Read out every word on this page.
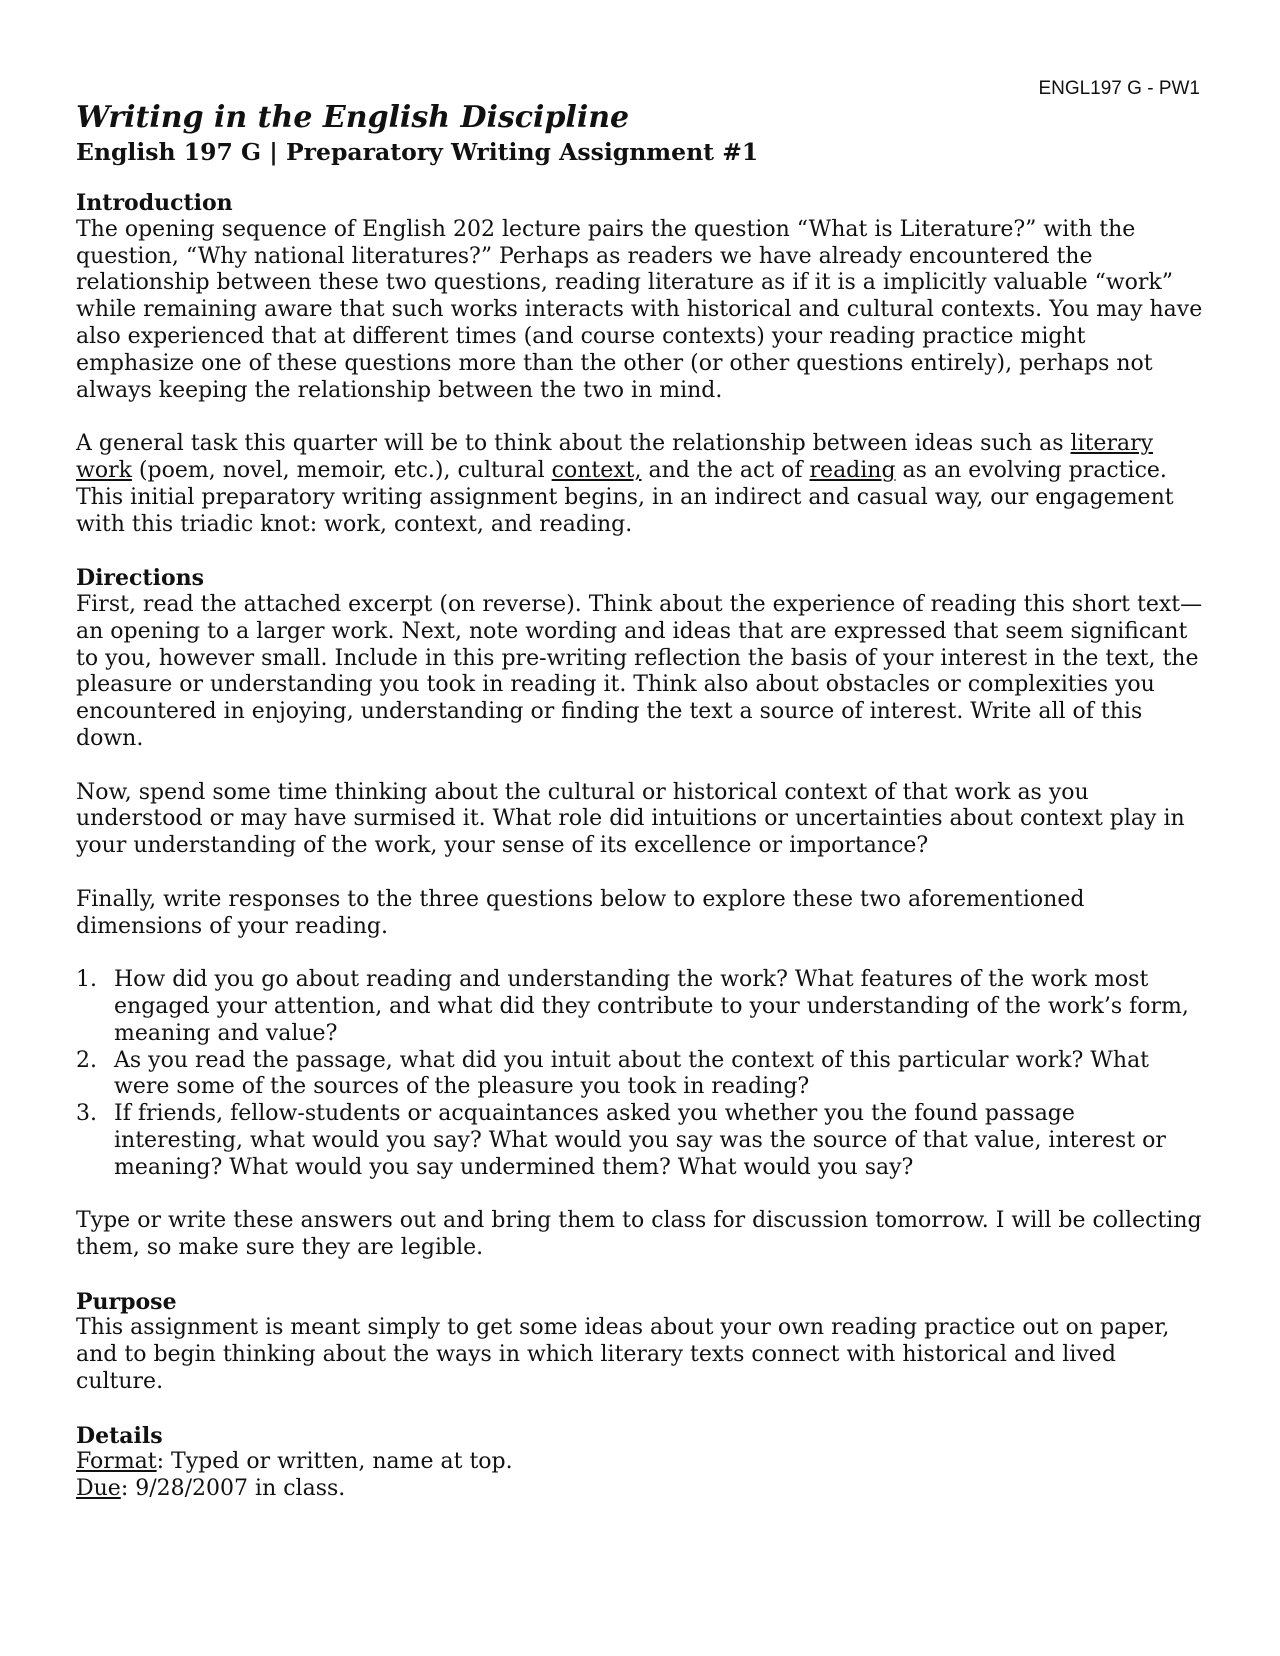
ENGL197 G - PW1
Writing in the English Discipline
English 197 G | Preparatory Writing Assignment #1
Introduction

The opening sequence of English 202 lecture pairs the question “What is Literature?” with the question, “Why national literatures?” Perhaps as readers we have already encountered the relationship between these two questions, reading literature as if it is a implicitly valuable “work” while remaining aware that such works interacts with historical and cultural contexts. You may have also experienced that at different times (and course contexts) your reading practice might emphasize one of these questions more than the other (or other questions entirely), perhaps not always keeping the relationship between the two in mind.

A general task this quarter will be to think about the relationship between ideas such as literary work (poem, novel, memoir, etc.), cultural context, and the act of reading as an evolving practice. This initial preparatory writing assignment begins, in an indirect and casual way, our engagement with this triadic knot: work, context, and reading.

Directions

First, read the attached excerpt (on reverse). Think about the experience of reading this short text—an opening to a larger work. Next, note wording and ideas that are expressed that seem significant to you, however small. Include in this pre-writing reflection the basis of your interest in the text, the pleasure or understanding you took in reading it. Think also about obstacles or complexities you encountered in enjoying, understanding or finding the text a source of interest. Write all of this down.

Now, spend some time thinking about the cultural or historical context of that work as you understood or may have surmised it. What role did intuitions or uncertainties about context play in your understanding of the work, your sense of its excellence or importance?

Finally, write responses to the three questions below to explore these two aforementioned dimensions of your reading.

1. How did you go about reading and understanding the work? What features of the work most engaged your attention, and what did they contribute to your understanding of the work’s form, meaning and value?
2. As you read the passage, what did you intuit about the context of this particular work? What were some of the sources of the pleasure you took in reading?
3. If friends, fellow-students or acquaintances asked you whether you the found passage interesting, what would you say? What would you say was the source of that value, interest or meaning? What would you say undermined them? What would you say?

Type or write these answers out and bring them to class for discussion tomorrow. I will be collecting them, so make sure they are legible.

Purpose

This assignment is meant simply to get some ideas about your own reading practice out on paper, and to begin thinking about the ways in which literary texts connect with historical and lived culture.

Details

Format: Typed or written, name at top.

Due: 9/28/2007 in class.
